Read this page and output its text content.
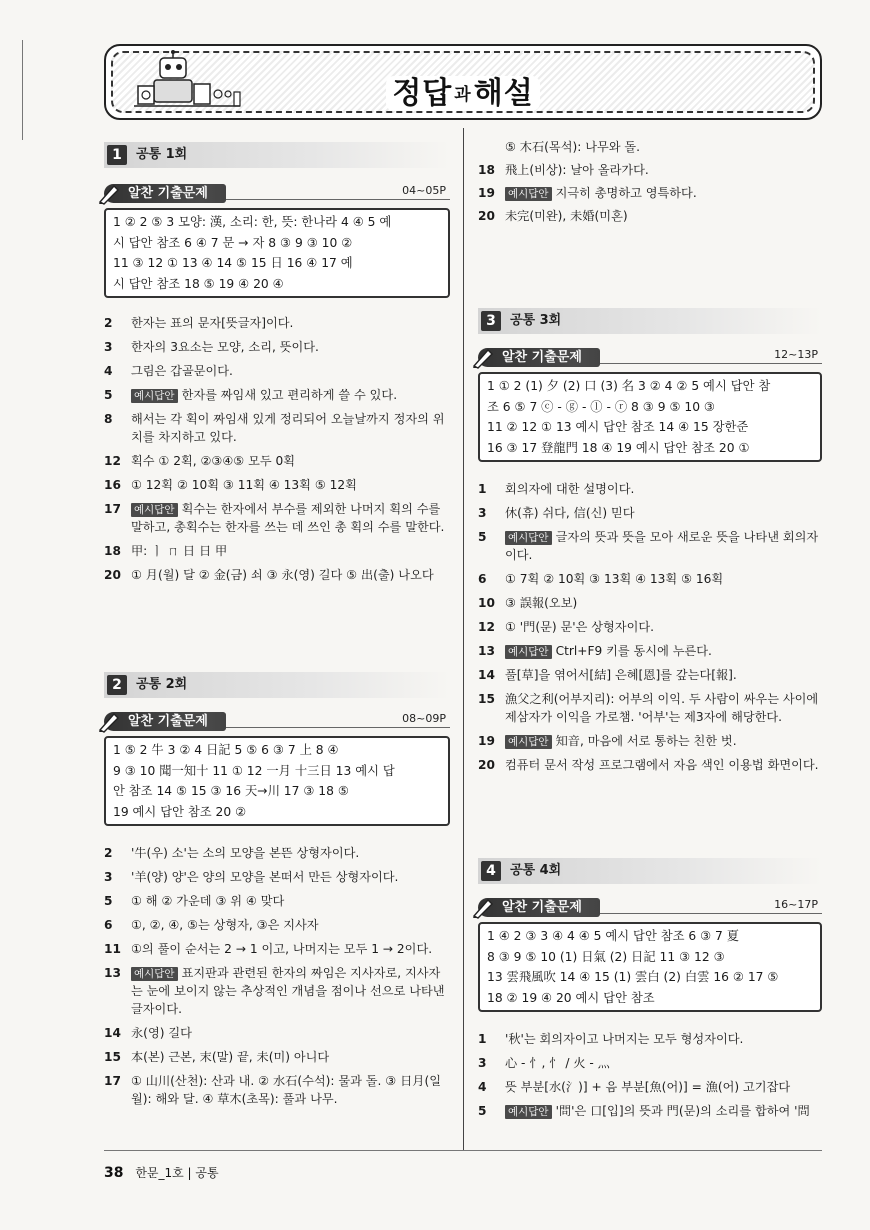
정답 과해설
1	공통 1회
알찬 기출문제	04~05P
1 ② 2 ⑤ 3 모양: 漢, 소리: 한, 뜻: 한나라 4 ④ 5 예
시 답안 참조 6 ④ 7 문 → 자 8 ③ 9 ③ 10 ②
11 ③ 12 ① 13 ④ 14 ⑤ 15 日 16 ④ 17 예
시 답안 참조 18 ⑤ 19 ④ 20 ④
2	한자는 표의 문자[뜻글자]이다.
3	한자의 3요소는 모양, 소리, 뜻이다.
4	그림은 갑골문이다.
5	예시답안 한자를 짜임새 있고 편리하게 쓸 수 있다.
8	해서는 각 획이 짜임새 있게 정리되어 오늘날까지 정자의 위치를 차지하고 있다.
12 획수 ① 2획, ②③④⑤ 모두 0획
16 ① 12획 ② 10획 ③ 11획 ④ 13획 ⑤ 12획
17	예시답안 획수는 한자에서 부수를 제외한 나머지 획의 수를 말하고, 총획수는 한자를 쓰는 데 쓰인 총 획의 수를 말한다.
18 甲: ㅣ ㄇ 日 日 甲
20 ① 月(월) 달 ② 金(금) 쇠 ③ 永(영) 길다 ⑤ 出(출) 나오다
2	공통 2회
알찬 기출문제	08~09P
1 ⑤ 2 牛 3 ② 4 日記 5 ⑤ 6 ③ 7 上 8 ④
9 ③ 10 聞一知十 11 ① 12 一月 十三日 13 예시 답
안 참조 14 ⑤ 15 ③ 16 天→川 17 ③ 18 ⑤
19 예시 답안 참조 20 ②
2	'牛(우) 소'는 소의 모양을 본뜬 상형자이다.
3	'羊(양) 양'은 양의 모양을 본떠서 만든 상형자이다.
5	① 해 ② 가운데 ③ 위 ④ 맞다
6	①, ②, ④, ⑤는 상형자, ③은 지사자
11 ①의 풀이 순서는 2 → 1 이고, 나머지는 모두 1 → 2이다.
13	예시답안 표지판과 관련된 한자의 짜임은 지사자로, 지사자는 눈에 보이지 않는 추상적인 개념을 점이나 선으로 나타낸 글자이다.
14 永(영) 길다
15 本(본) 근본, 末(말) 끝, 未(미) 아니다
17 ① 山川(산천): 산과 내. ② 水石(수석): 물과 돌. ③ 日月(일월): 해와 달. ④ 草木(초목): 풀과 나무.
⑤ 木石(목석): 나무와 돌.
18 飛上(비상): 날아 올라가다.
19	예시답안 지극히 총명하고 영특하다.
20 未完(미완), 未婚(미혼)
3	공통 3회
알찬 기출문제	12~13P
1 ① 2 (1) 夕 (2) 口 (3) 名 3 ② 4 ② 5 예시 답안 참
조 6 ⑤ 7 ⓒ - ⓖ - ⓛ - ⓡ 8 ③ 9 ⑤ 10 ③
11 ② 12 ① 13 예시 답안 참조 14 ④ 15 장한준
16 ③ 17 登龍門 18 ④ 19 예시 답안 참조 20 ①
1	회의자에 대한 설명이다.
3	休(휴) 쉬다, 信(신) 믿다
5	예시답안 글자의 뜻과 뜻을 모아 새로운 뜻을 나타낸 회의자이다.
6	① 7획 ② 10획 ③ 13획 ④ 13획 ⑤ 16획
10 ③ 誤報(오보)
12 ① '門(문) 문'은 상형자이다.
13	예시답안 Ctrl+F9 키를 동시에 누른다.
14 풀[草]을 엮어서[結] 은혜[恩]를 갚는다[報].
15 漁父之利(어부지리): 어부의 이익. 두 사람이 싸우는 사이에 제삼자가 이익을 가로챔. '어부'는 제3자에 해당한다.
19	예시답안 知音, 마음에 서로 통하는 친한 벗.
20 컴퓨터 문서 작성 프로그램에서 자음 색인 이용법 화면이다.
4	공통 4회
알찬 기출문제	16~17P
1 ④ 2 ③ 3 ④ 4 ④ 5 예시 답안 참조 6 ③ 7 夏
8 ③ 9 ⑤ 10 (1) 日氣 (2) 日記 11 ③ 12 ③
13 雲飛風吹 14 ④ 15 (1) 雲白 (2) 白雲 16 ② 17 ⑤
18 ② 19 ④ 20 예시 답안 참조
1	'秋'는 회의자이고 나머지는 모두 형성자이다.
3	心 - 忄, 忄 / 火 - 灬
4	뜻 부분[水(氵)] + 음 부분[魚(어)] = 漁(어) 고기잡다
5	예시답안 '問'은 口[입]의 뜻과 門(문)의 소리를 합하여 '問
38 한문_1호 | 공통
